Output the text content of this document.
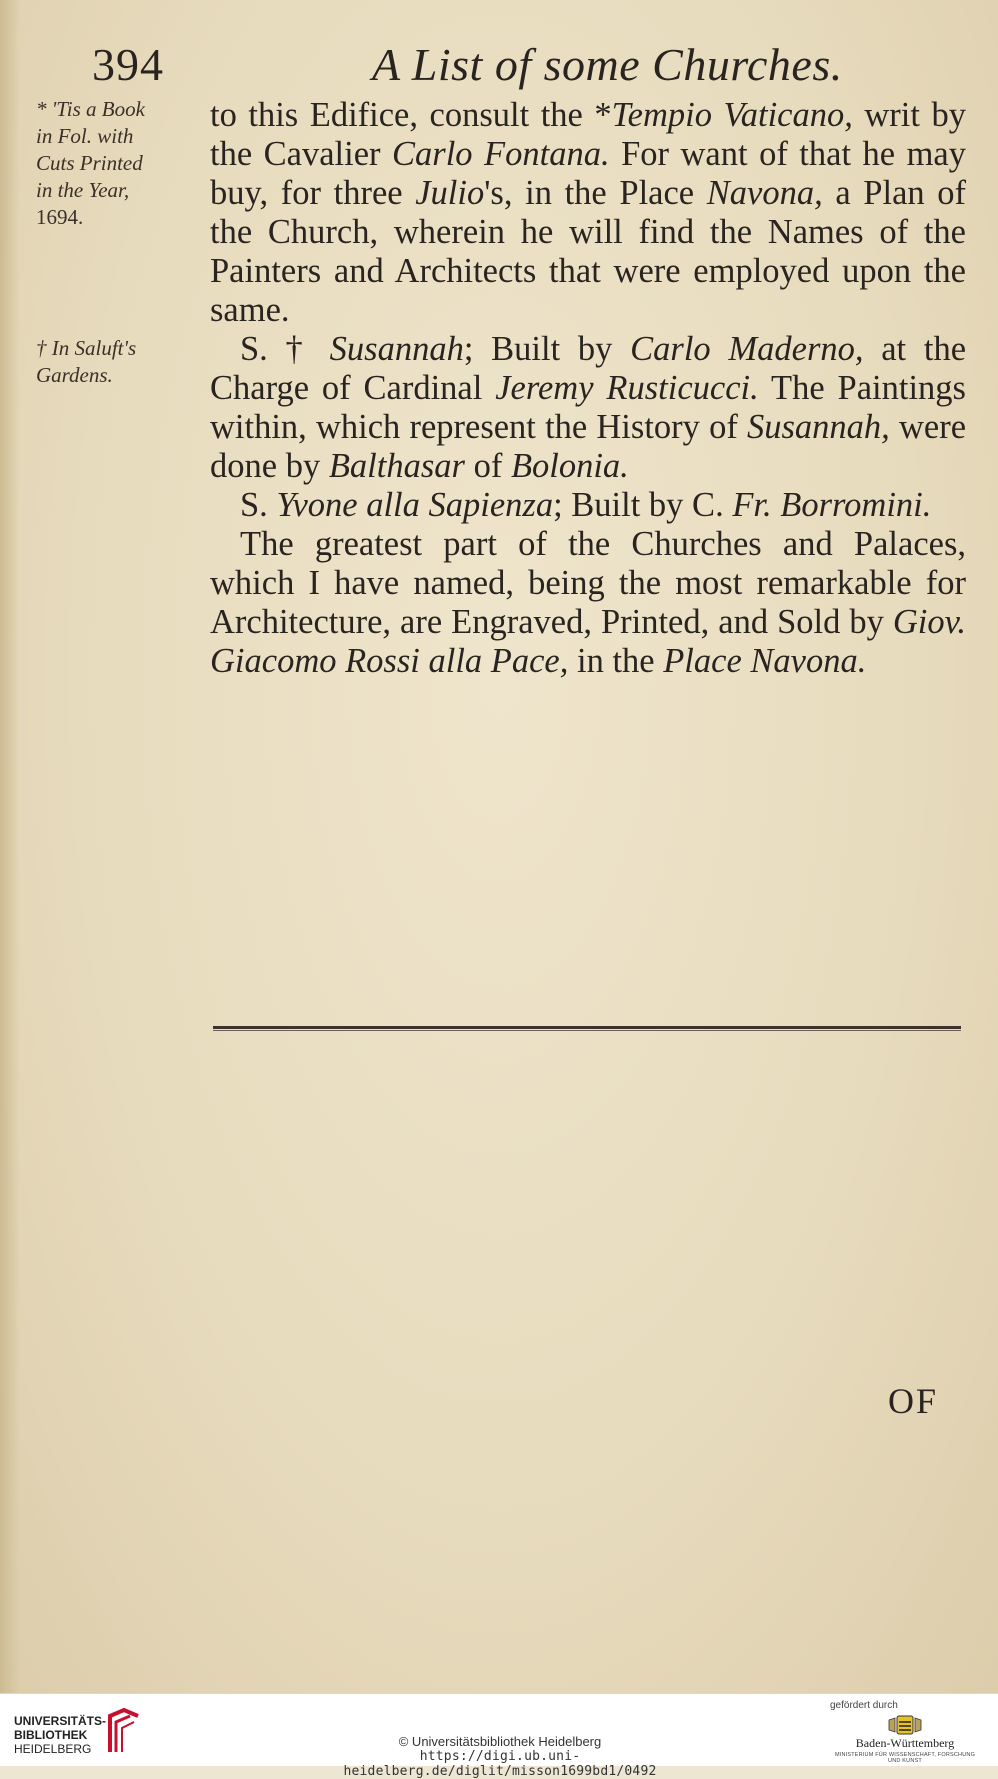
394	A List of some Churches.
* 'Tis a Book
in Fol. with
Cuts Printed
in the Year,
1694.
† In Saluft's
Gardens.

to this Edifice, consult the *Tempio Vaticano, writ by the Cavalier Carlo Fontana. For want of that he may buy, for three Julio's, in the Place Navona, a Plan of the Church, wherein he will find the Names of the Painters and Architects that were employed upon the same.

S. † Susannah; Built by Carlo Maderno, at the Charge of Cardinal Jeremy Rusticucci. The Paintings within, which represent the History of Susannah, were done by Balthasar of Bolonia.

S. Yvone alla Sapienza; Built by C. Fr. Borromini.

The greatest part of the Churches and Palaces, which I have named, being the most remarkable for Architecture, are Engraved, Printed, and Sold by Giov. Giacomo Rossi alla Pace, in the Place Navona.

OF
UNIVERSITÄTS-
BIBLIOTHEK
HEIDELBERG	© Universitätsbibliothek Heidelberg
https://digi.ub.uni-heidelberg.de/diglit/misson1699bd1/0492
gefördert durch
Baden-Württemberg
MINISTERIUM FÜR WISSENSCHAFT, FORSCHUNG UND KUNST
